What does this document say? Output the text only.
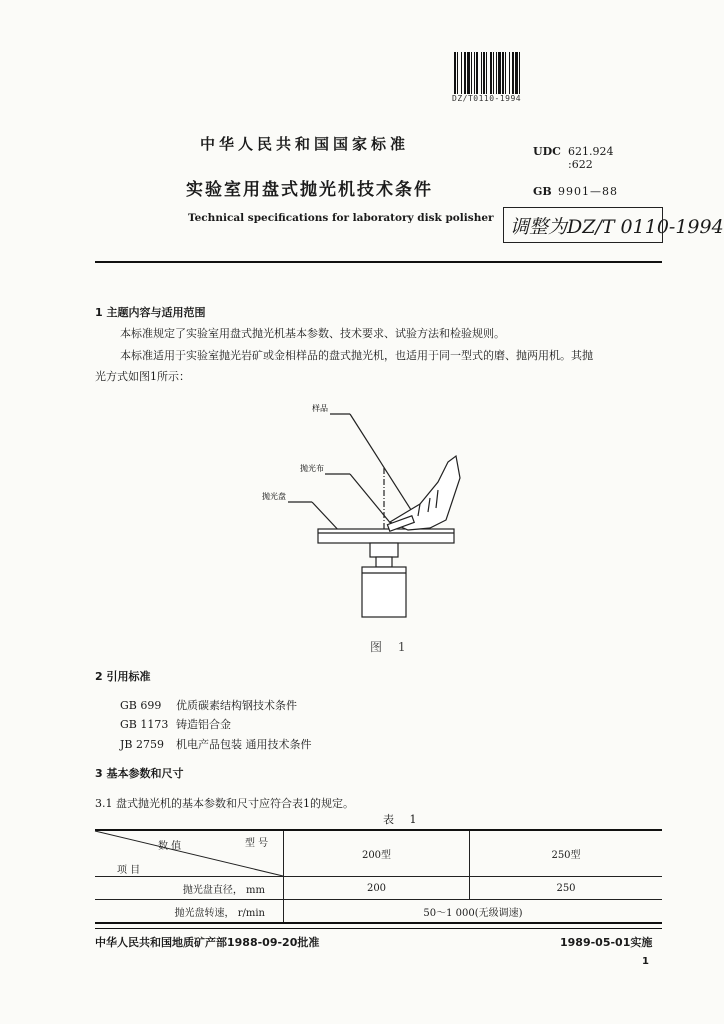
DZ/T0110-1994
中华人民共和国国家标准	UDC 621.924
:622
实验室用盘式抛光机技术条件	GB 9901—88
Technical specifications for laboratory disk polisher 调整为DZ/T 0110-1994
1 主题内容与适用范围
本标准规定了实验室用盘式抛光机基本参数、技术要求、试验方法和检验规则。
本标准适用于实验室抛光岩矿或金相样品的盘式抛光机，也适用于同一型式的磨、抛两用机。其抛
光方式如图1所示：
样品
抛光布
抛光盘
图 1
2 引用标准
GB 699 优质碳素结构钢技术条件
GB 1173 铸造铝合金
JB 2759 机电产品包装 通用技术条件
3 基本参数和尺寸
3.1 盘式抛光机的基本参数和尺寸应符合表1的规定。
表 1
数 值 型 号
项 目	200型	250型
抛光盘直径， mm	200	250
抛光盘转速， r/min	50～1 000(无级调速)	
中华人民共和国地质矿产部1988-09-20批准	1989-05-01实施
1
